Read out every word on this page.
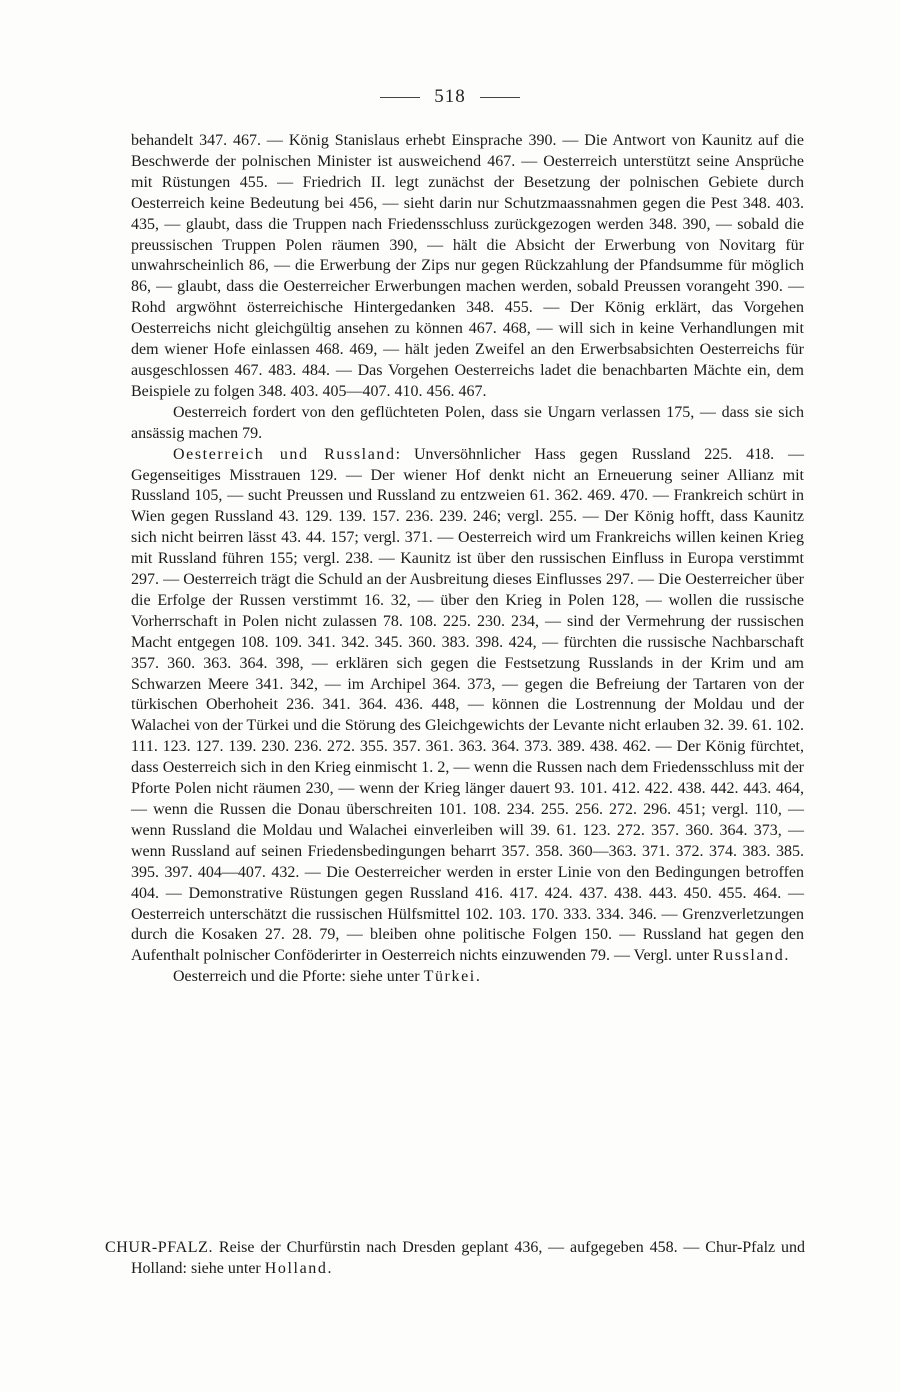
518

behandelt 347. 467. — König Stanislaus erhebt Einsprache 390. — Die Antwort von Kaunitz auf die Beschwerde der polnischen Minister ist ausweichend 467. — Oesterreich unterstützt seine Ansprüche mit Rüstungen 455. — Friedrich II. legt zunächst der Besetzung der polnischen Gebiete durch Oesterreich keine Bedeutung bei 456, — sieht darin nur Schutzmaassnahmen gegen die Pest 348. 403. 435, — glaubt, dass die Truppen nach Friedensschluss zurückgezogen werden 348. 390, — sobald die preussischen Truppen Polen räumen 390, — hält die Absicht der Erwerbung von Novitarg für unwahrscheinlich 86, — die Erwerbung der Zips nur gegen Rückzahlung der Pfandsumme für möglich 86, — glaubt, dass die Oesterreicher Erwerbungen machen werden, sobald Preussen vorangeht 390. — Rohd argwöhnt österreichische Hintergedanken 348. 455. — Der König erklärt, das Vorgehen Oesterreichs nicht gleichgültig ansehen zu können 467. 468, — will sich in keine Verhandlungen mit dem wiener Hofe einlassen 468. 469, — hält jeden Zweifel an den Erwerbsabsichten Oesterreichs für ausgeschlossen 467. 483. 484. — Das Vorgehen Oesterreichs ladet die benachbarten Mächte ein, dem Beispiele zu folgen 348. 403. 405—407. 410. 456. 467.

Oesterreich fordert von den geflüchteten Polen, dass sie Ungarn verlassen 175, — dass sie sich ansässig machen 79.

Oesterreich und Russland: Unversöhnlicher Hass gegen Russland 225. 418. — Gegenseitiges Misstrauen 129. — Der wiener Hof denkt nicht an Erneuerung seiner Allianz mit Russland 105, — sucht Preussen und Russland zu entzweien 61. 362. 469. 470. — Frankreich schürt in Wien gegen Russland 43. 129. 139. 157. 236. 239. 246; vergl. 255. — Der König hofft, dass Kaunitz sich nicht beirren lässt 43. 44. 157; vergl. 371. — Oesterreich wird um Frankreichs willen keinen Krieg mit Russland führen 155; vergl. 238. — Kaunitz ist über den russischen Einfluss in Europa verstimmt 297. — Oesterreich trägt die Schuld an der Ausbreitung dieses Einflusses 297. — Die Oesterreicher über die Erfolge der Russen verstimmt 16. 32, — über den Krieg in Polen 128, — wollen die russische Vorherrschaft in Polen nicht zulassen 78. 108. 225. 230. 234, — sind der Vermehrung der russischen Macht entgegen 108. 109. 341. 342. 345. 360. 383. 398. 424, — fürchten die russische Nachbarschaft 357. 360. 363. 364. 398, — erklären sich gegen die Festsetzung Russlands in der Krim und am Schwarzen Meere 341. 342, — im Archipel 364. 373, — gegen die Befreiung der Tartaren von der türkischen Oberhoheit 236. 341. 364. 436. 448, — können die Lostrennung der Moldau und der Walachei von der Türkei und die Störung des Gleichgewichts der Levante nicht erlauben 32. 39. 61. 102. 111. 123. 127. 139. 230. 236. 272. 355. 357. 361. 363. 364. 373. 389. 438. 462. — Der König fürchtet, dass Oesterreich sich in den Krieg einmischt 1. 2, — wenn die Russen nach dem Friedensschluss mit der Pforte Polen nicht räumen 230, — wenn der Krieg länger dauert 93. 101. 412. 422. 438. 442. 443. 464, — wenn die Russen die Donau überschreiten 101. 108. 234. 255. 256. 272. 296. 451; vergl. 110, — wenn Russland die Moldau und Walachei einverleiben will 39. 61. 123. 272. 357. 360. 364. 373, — wenn Russland auf seinen Friedensbedingungen beharrt 357. 358. 360—363. 371. 372. 374. 383. 385. 395. 397. 404—407. 432. — Die Oesterreicher werden in erster Linie von den Bedingungen betroffen 404. — Demonstrative Rüstungen gegen Russland 416. 417. 424. 437. 438. 443. 450. 455. 464. — Oesterreich unterschätzt die russischen Hülfsmittel 102. 103. 170. 333. 334. 346. — Grenzverletzungen durch die Kosaken 27. 28. 79, — bleiben ohne politische Folgen 150. — Russland hat gegen den Aufenthalt polnischer Conföderirter in Oesterreich nichts einzuwenden 79. — Vergl. unter Russland.

Oesterreich und die Pforte: siehe unter Türkei.

CHUR-PFALZ. Reise der Churfürstin nach Dresden geplant 436, — aufgegeben 458. — Chur-Pfalz und Holland: siehe unter Holland.
